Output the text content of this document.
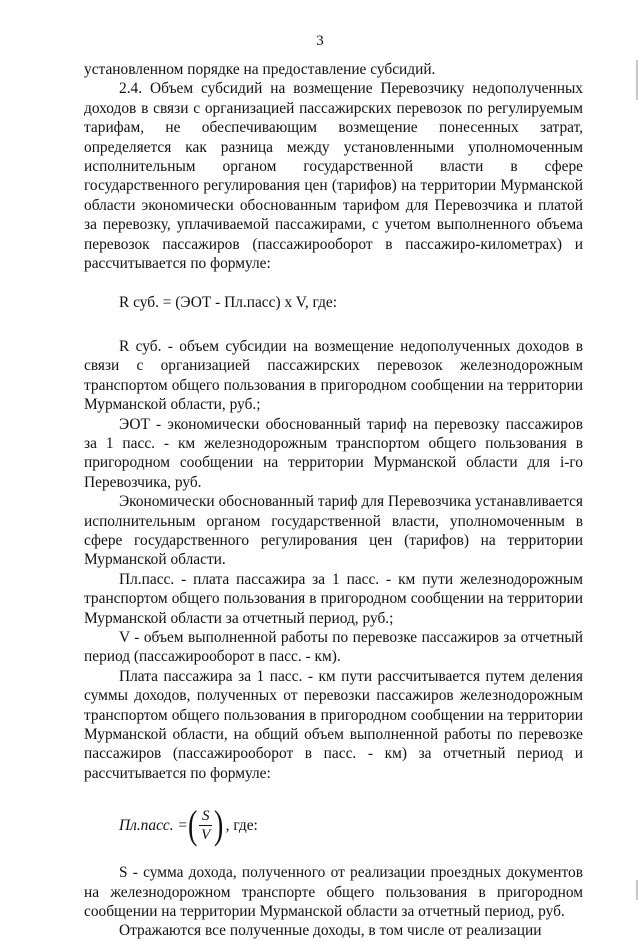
3

установленном порядке на предоставление субсидий.

2.4. Объем субсидий на возмещение Перевозчику недополученных доходов в связи с организацией пассажирских перевозок по регулируемым тарифам, не обеспечивающим возмещение понесенных затрат, определяется как разница между установленными уполномоченным исполнительным органом государственной власти в сфере государственного регулирования цен (тарифов) на территории Мурманской области экономически обоснованным тарифом для Перевозчика и платой за перевозку, уплачиваемой пассажирами, с учетом выполненного объема перевозок пассажиров (пассажирооборот в пассажиро-километрах) и рассчитывается по формуле:

R суб. = (ЭОТ - Пл.пасс) x V, где:

R суб. - объем субсидии на возмещение недополученных доходов в связи с организацией пассажирских перевозок железнодорожным транспортом общего пользования в пригородном сообщении на территории Мурманской области, руб.;

ЭОТ - экономически обоснованный тариф на перевозку пассажиров за 1 пасс. - км железнодорожным транспортом общего пользования в пригородном сообщении на территории Мурманской области для i-го Перевозчика, руб.

Экономически обоснованный тариф для Перевозчика устанавливается исполнительным органом государственной власти, уполномоченным в сфере государственного регулирования цен (тарифов) на территории Мурманской области.

Пл.пасс. - плата пассажира за 1 пасс. - км пути железнодорожным транспортом общего пользования в пригородном сообщении на территории Мурманской области за отчетный период, руб.;

V - объем выполненной работы по перевозке пассажиров за отчетный период (пассажирооборот в пасс. - км).

Плата пассажира за 1 пасс. - км пути рассчитывается путем деления суммы доходов, полученных от перевозки пассажиров железнодорожным транспортом общего пользования в пригородном сообщении на территории Мурманской области, на общий объем выполненной работы по перевозке пассажиров (пассажирооборот в пасс. - км) за отчетный период и рассчитывается по формуле:

Пл.пасс. = ( $\frac{S}{V}$ ) , где:

S - сумма дохода, полученного от реализации проездных документов на железнодорожном транспорте общего пользования в пригородном сообщении на территории Мурманской области за отчетный период, руб.

Отражаются все полученные доходы, в том числе от реализации
